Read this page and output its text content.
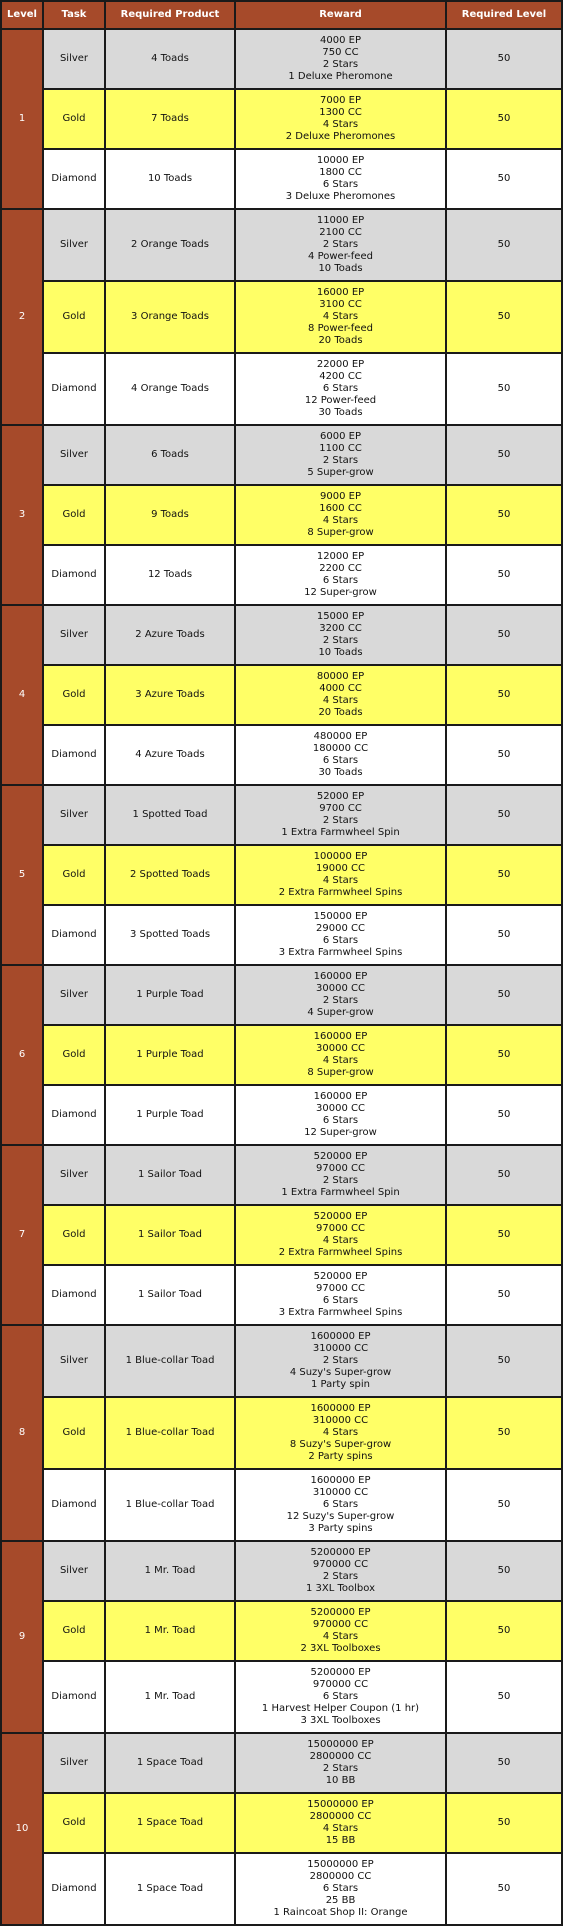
Level	Task	Required Product	Reward	Required Level
1	Silver	4 Toads	4000 EP
750 CC
2 Stars
1 Deluxe Pheromone	50
	Gold	7 Toads	7000 EP
1300 CC
4 Stars
2 Deluxe Pheromones	50
	Diamond	10 Toads	10000 EP
1800 CC
6 Stars
3 Deluxe Pheromones	50
2	Silver	2 Orange Toads	11000 EP
2100 CC
2 Stars
4 Power-feed
10 Toads	50
	Gold	3 Orange Toads	16000 EP
3100 CC
4 Stars
8 Power-feed
20 Toads	50
	Diamond	4 Orange Toads	22000 EP
4200 CC
6 Stars
12 Power-feed
30 Toads	50
3	Silver	6 Toads	6000 EP
1100 CC
2 Stars
5 Super-grow	50
	Gold	9 Toads	9000 EP
1600 CC
4 Stars
8 Super-grow	50
	Diamond	12 Toads	12000 EP
2200 CC
6 Stars
12 Super-grow	50
4	Silver	2 Azure Toads	15000 EP
3200 CC
2 Stars
10 Toads	50
	Gold	3 Azure Toads	80000 EP
4000 CC
4 Stars
20 Toads	50
	Diamond	4 Azure Toads	480000 EP
180000 CC
6 Stars
30 Toads	50
5	Silver	1 Spotted Toad	52000 EP
9700 CC
2 Stars
1 Extra Farmwheel Spin	50
	Gold	2 Spotted Toads	100000 EP
19000 CC
4 Stars
2 Extra Farmwheel Spins	50
	Diamond	3 Spotted Toads	150000 EP
29000 CC
6 Stars
3 Extra Farmwheel Spins	50
6	Silver	1 Purple Toad	160000 EP
30000 CC
2 Stars
4 Super-grow	50
	Gold	1 Purple Toad	160000 EP
30000 CC
4 Stars
8 Super-grow	50
	Diamond	1 Purple Toad	160000 EP
30000 CC
6 Stars
12 Super-grow	50
7	Silver	1 Sailor Toad	520000 EP
97000 CC
2 Stars
1 Extra Farmwheel Spin	50
	Gold	1 Sailor Toad	520000 EP
97000 CC
4 Stars
2 Extra Farmwheel Spins	50
	Diamond	1 Sailor Toad	520000 EP
97000 CC
6 Stars
3 Extra Farmwheel Spins	50
8	Silver	1 Blue-collar Toad	1600000 EP
310000 CC
2 Stars
4 Suzy's Super-grow
1 Party spin	50
	Gold	1 Blue-collar Toad	1600000 EP
310000 CC
4 Stars
8 Suzy's Super-grow
2 Party spins	50
	Diamond	1 Blue-collar Toad	1600000 EP
310000 CC
6 Stars
12 Suzy's Super-grow
3 Party spins	50
9	Silver	1 Mr. Toad	5200000 EP
970000 CC
2 Stars
1 3XL Toolbox	50
	Gold	1 Mr. Toad	5200000 EP
970000 CC
4 Stars
2 3XL Toolboxes	50
	Diamond	1 Mr. Toad	5200000 EP
970000 CC
6 Stars
1 Harvest Helper Coupon (1 hr)
3 3XL Toolboxes	50
10	Silver	1 Space Toad	15000000 EP
2800000 CC
2 Stars
10 BB	50
	Gold	1 Space Toad	15000000 EP
2800000 CC
4 Stars
15 BB	50
	Diamond	1 Space Toad	15000000 EP
2800000 CC
6 Stars
25 BB
1 Raincoat Shop II: Orange	50
